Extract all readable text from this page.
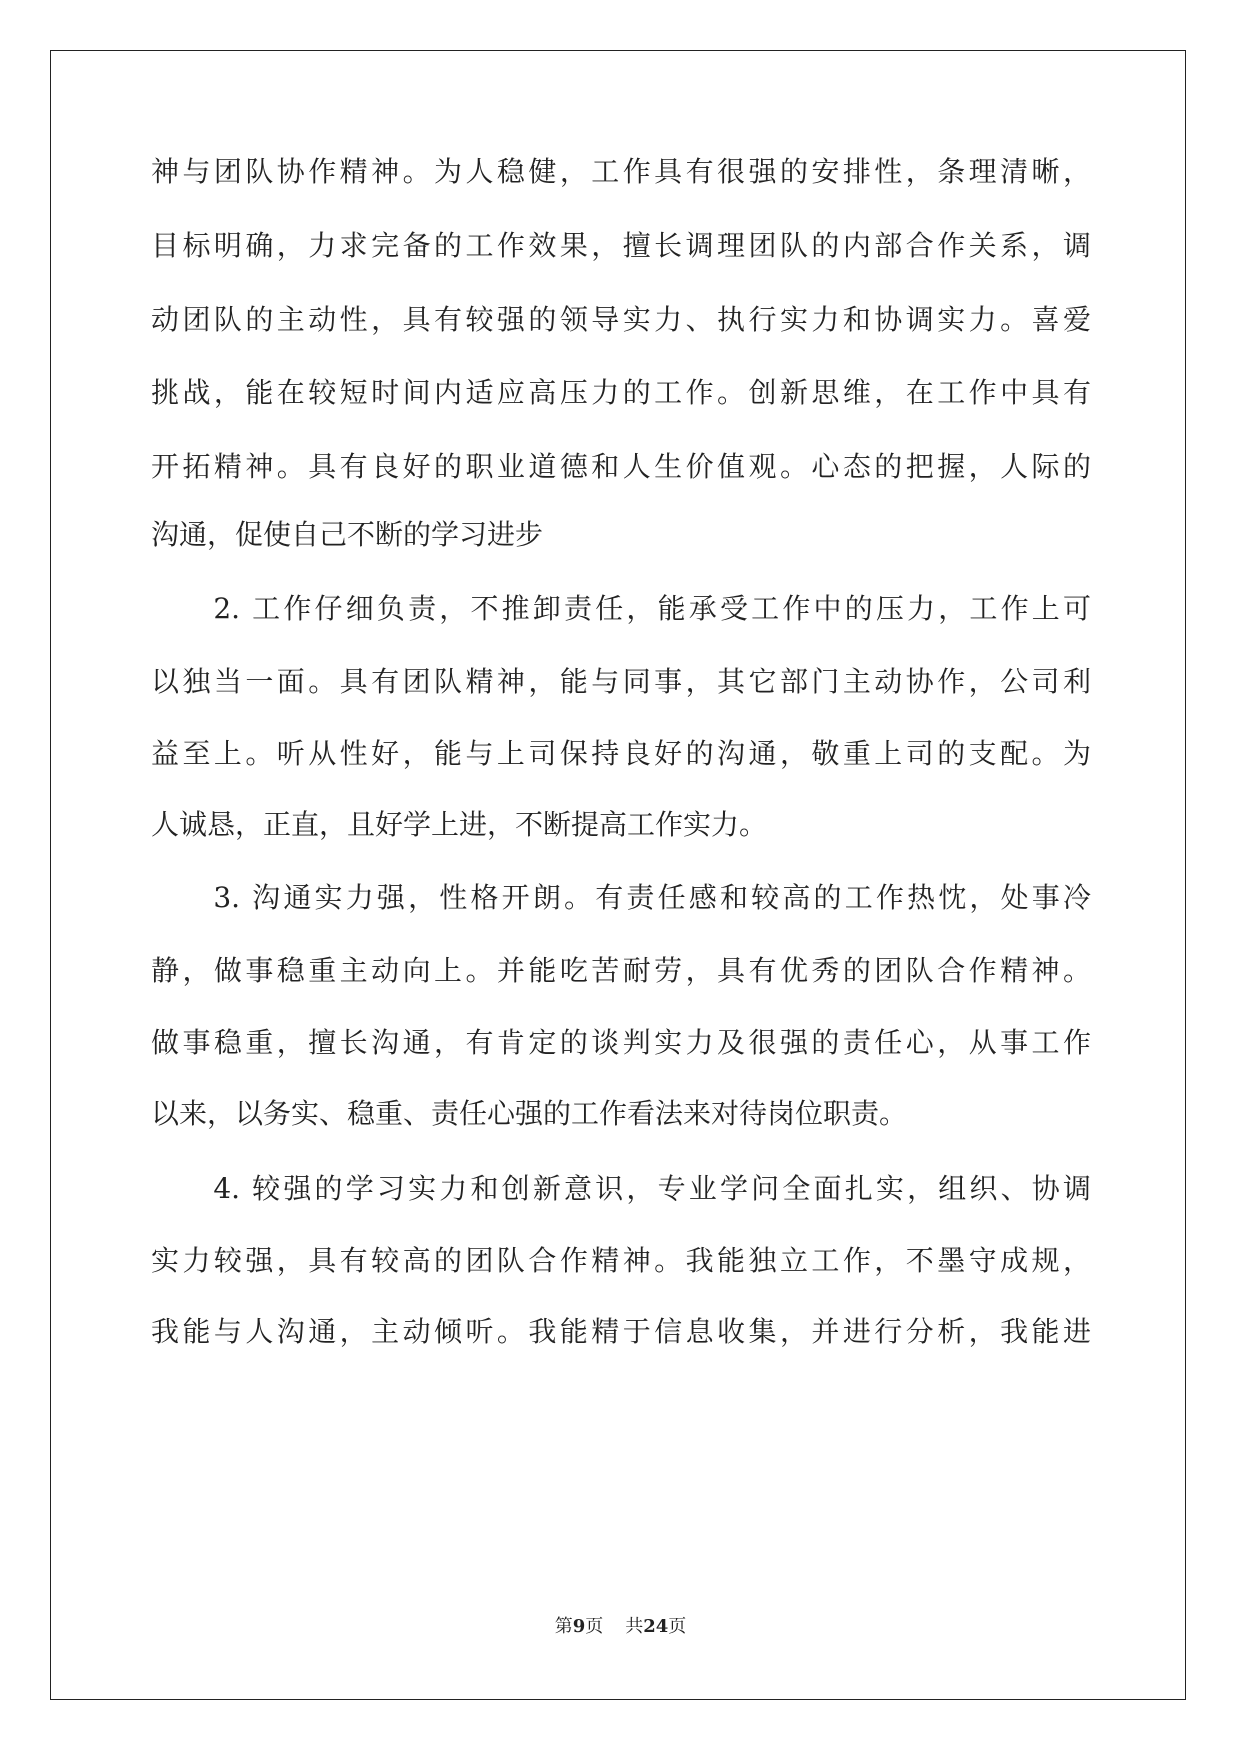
神与团队协作精神。为人稳健，工作具有很强的安排性，条理清晰，
目标明确，力求完备的工作效果，擅长调理团队的内部合作关系，调
动团队的主动性，具有较强的领导实力、执行实力和协调实力。喜爱
挑战，能在较短时间内适应高压力的工作。创新思维，在工作中具有
开拓精神。具有良好的职业道德和人生价值观。心态的把握，人际的
沟通，促使自己不断的学习进步
　　2. 工作仔细负责，不推卸责任，能承受工作中的压力，工作上可
以独当一面。具有团队精神，能与同事，其它部门主动协作，公司利
益至上。听从性好，能与上司保持良好的沟通，敬重上司的支配。为
人诚恳，正直，且好学上进，不断提高工作实力。
　　3. 沟通实力强，性格开朗。有责任感和较高的工作热忱，处事冷
静，做事稳重主动向上。并能吃苦耐劳，具有优秀的团队合作精神。
做事稳重，擅长沟通，有肯定的谈判实力及很强的责任心，从事工作
以来，以务实、稳重、责任心强的工作看法来对待岗位职责。
　　4. 较强的学习实力和创新意识，专业学问全面扎实，组织、协调
实力较强，具有较高的团队合作精神。我能独立工作，不墨守成规，
我能与人沟通，主动倾听。我能精于信息收集，并进行分析，我能进
第9页 共24页
